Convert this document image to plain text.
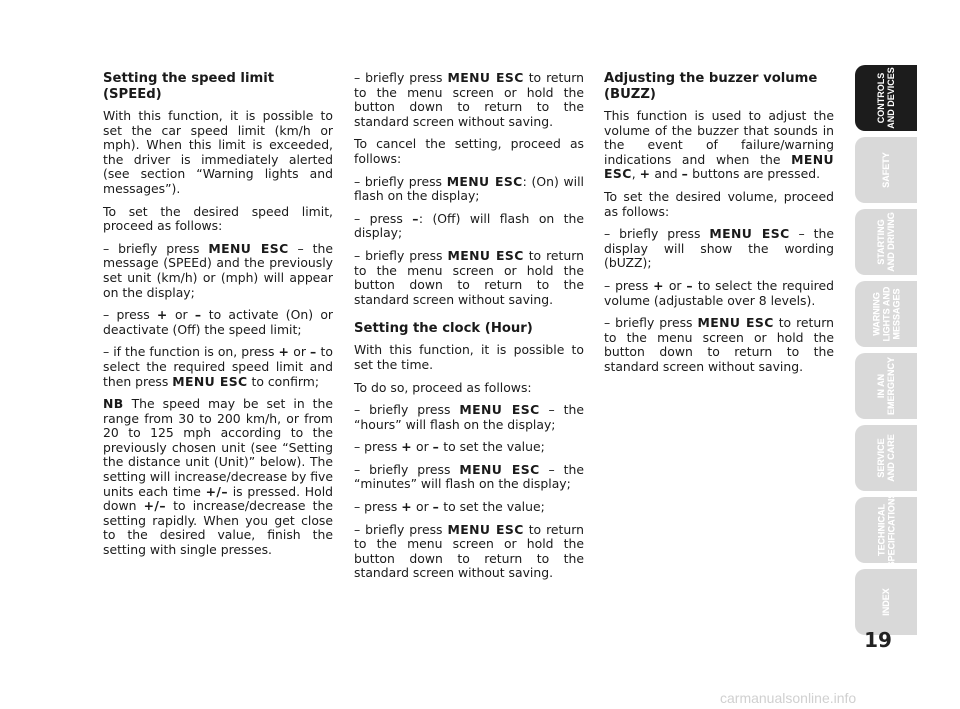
Setting the speed limit (SPEEd)

With this function, it is possible to set the car speed limit (km/h or mph). When this limit is exceeded, the driver is immediately alerted (see section “Warning lights and messages”).

To set the desired speed limit, proceed as follows:

– briefly press MENU ESC – the message (SPEEd) and the previously set unit (km/h) or (mph) will appear on the display;

– press + or – to activate (On) or deactivate (Off) the speed limit;

– if the function is on, press + or – to select the required speed limit and then press MENU ESC to confirm;

NB The speed may be set in the range from 30 to 200 km/h, or from 20 to 125 mph according to the previously chosen unit (see “Setting the distance unit (Unit)” below). The setting will increase/decrease by five units each time +/– is pressed. Hold down +/– to increase/decrease the setting rapidly. When you get close to the desired value, finish the setting with single presses.

– briefly press MENU ESC to return to the menu screen or hold the button down to return to the standard screen without saving.

To cancel the setting, proceed as follows:

– briefly press MENU ESC: (On) will flash on the display;

– press –: (Off) will flash on the display;

– briefly press MENU ESC to return to the menu screen or hold the button down to return to the standard screen without saving.

Setting the clock (Hour)

With this function, it is possible to set the time.

To do so, proceed as follows:

– briefly press MENU ESC – the “hours” will flash on the display;

– press + or – to set the value;

– briefly press MENU ESC – the “minutes” will flash on the display;

– press + or – to set the value;

– briefly press MENU ESC to return to the menu screen or hold the button down to return to the standard screen without saving.

Adjusting the buzzer volume (BUZZ)

This function is used to adjust the volume of the buzzer that sounds in the event of failure/warning indications and when the MENU ESC, + and – buttons are pressed.

To set the desired volume, proceed as follows:

– briefly press MENU ESC – the display will show the wording (bUZZ);

– press + or – to select the required volume (adjustable over 8 levels).

– briefly press MENU ESC to return to the menu screen or hold the button down to return to the standard screen without saving.

CONTROLS
AND DEVICES
SAFETY
STARTING
AND DRIVING
WARNING
LIGHTS AND
MESSAGES
IN AN
EMERGENCY
SERVICE
AND CARE
TECHNICAL
SPECIFICATIONS
INDEX
19
carmanualsonline.info
